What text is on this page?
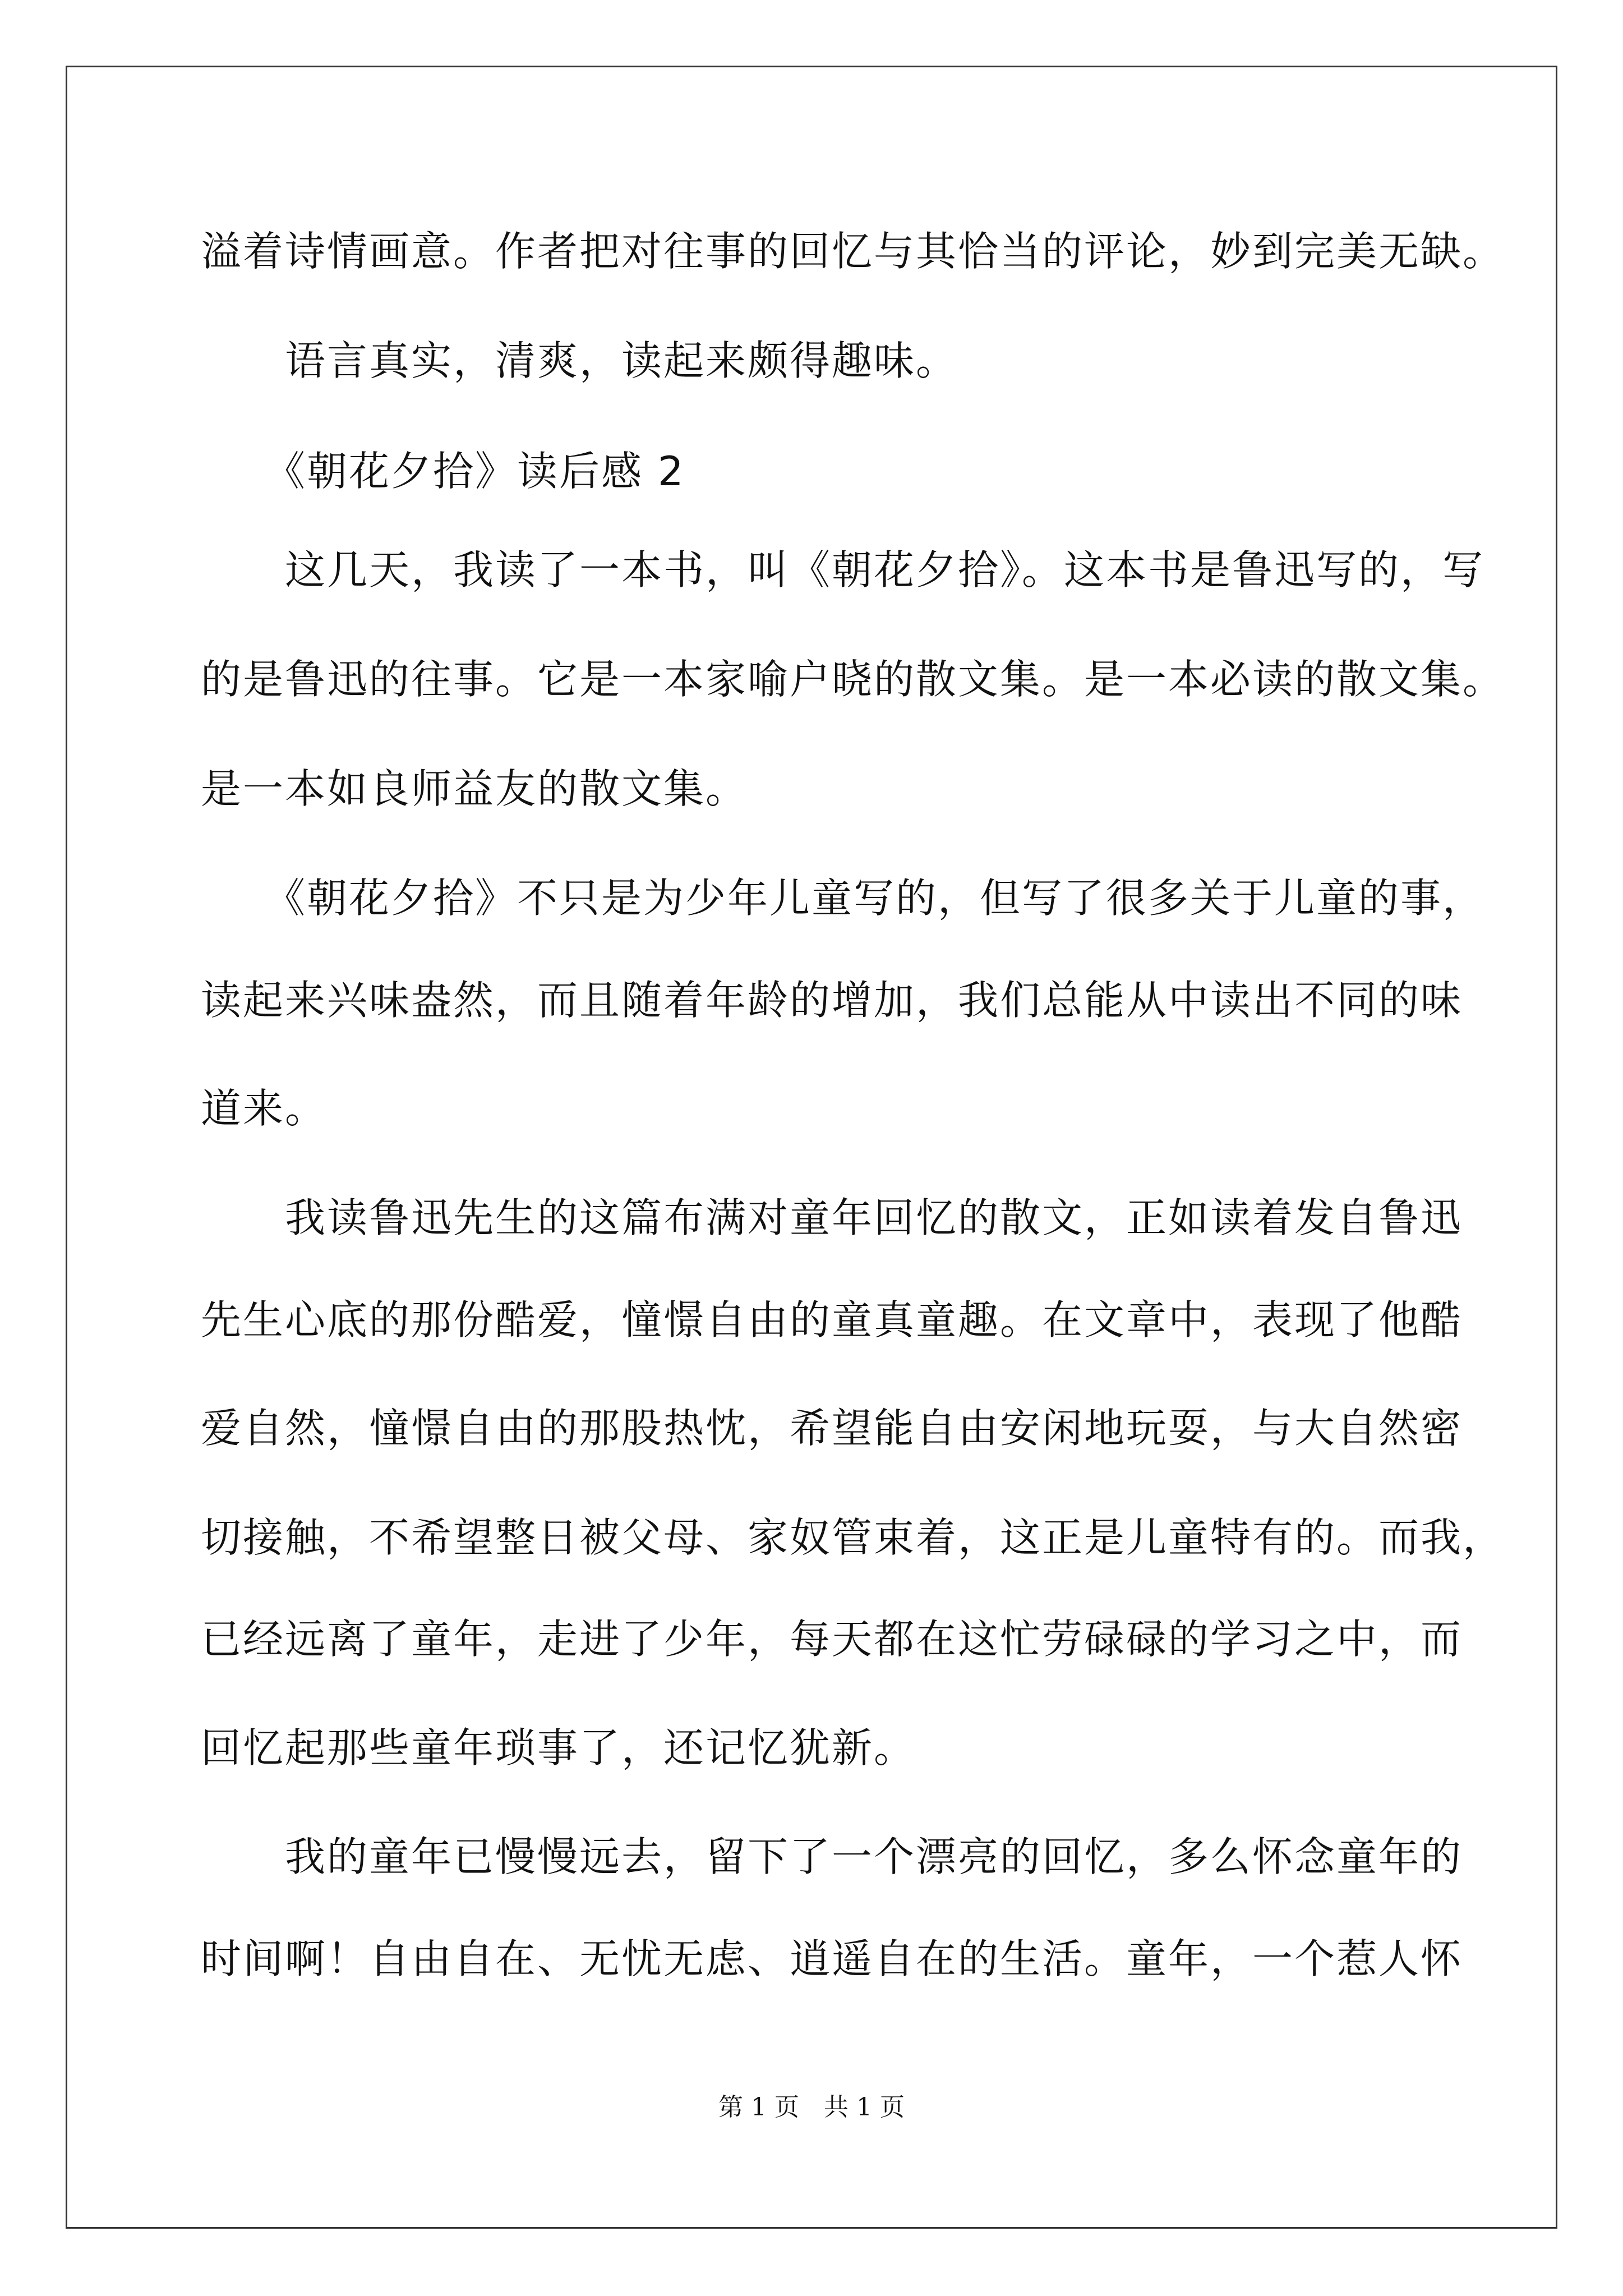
溢着诗情画意。作者把对往事的回忆与其恰当的评论，妙到完美无缺。
　　语言真实，清爽，读起来颇得趣味。
　　《朝花夕拾》读后感 2
　　这几天，我读了一本书，叫《朝花夕拾》。这本书是鲁迅写的，写
的是鲁迅的往事。它是一本家喻户晓的散文集。是一本必读的散文集。
是一本如良师益友的散文集。
　　《朝花夕拾》不只是为少年儿童写的，但写了很多关于儿童的事，
读起来兴味盎然，而且随着年龄的增加，我们总能从中读出不同的味
道来。
　　我读鲁迅先生的这篇布满对童年回忆的散文，正如读着发自鲁迅
先生心底的那份酷爱，憧憬自由的童真童趣。在文章中，表现了他酷
爱自然，憧憬自由的那股热忱，希望能自由安闲地玩耍，与大自然密
切接触，不希望整日被父母、家奴管束着，这正是儿童特有的。而我，
已经远离了童年，走进了少年，每天都在这忙劳碌碌的学习之中，而
回忆起那些童年琐事了，还记忆犹新。
　　我的童年已慢慢远去，留下了一个漂亮的回忆，多么怀念童年的
时间啊！自由自在、无忧无虑、逍遥自在的生活。童年，一个惹人怀
第 1 页　共 1 页
